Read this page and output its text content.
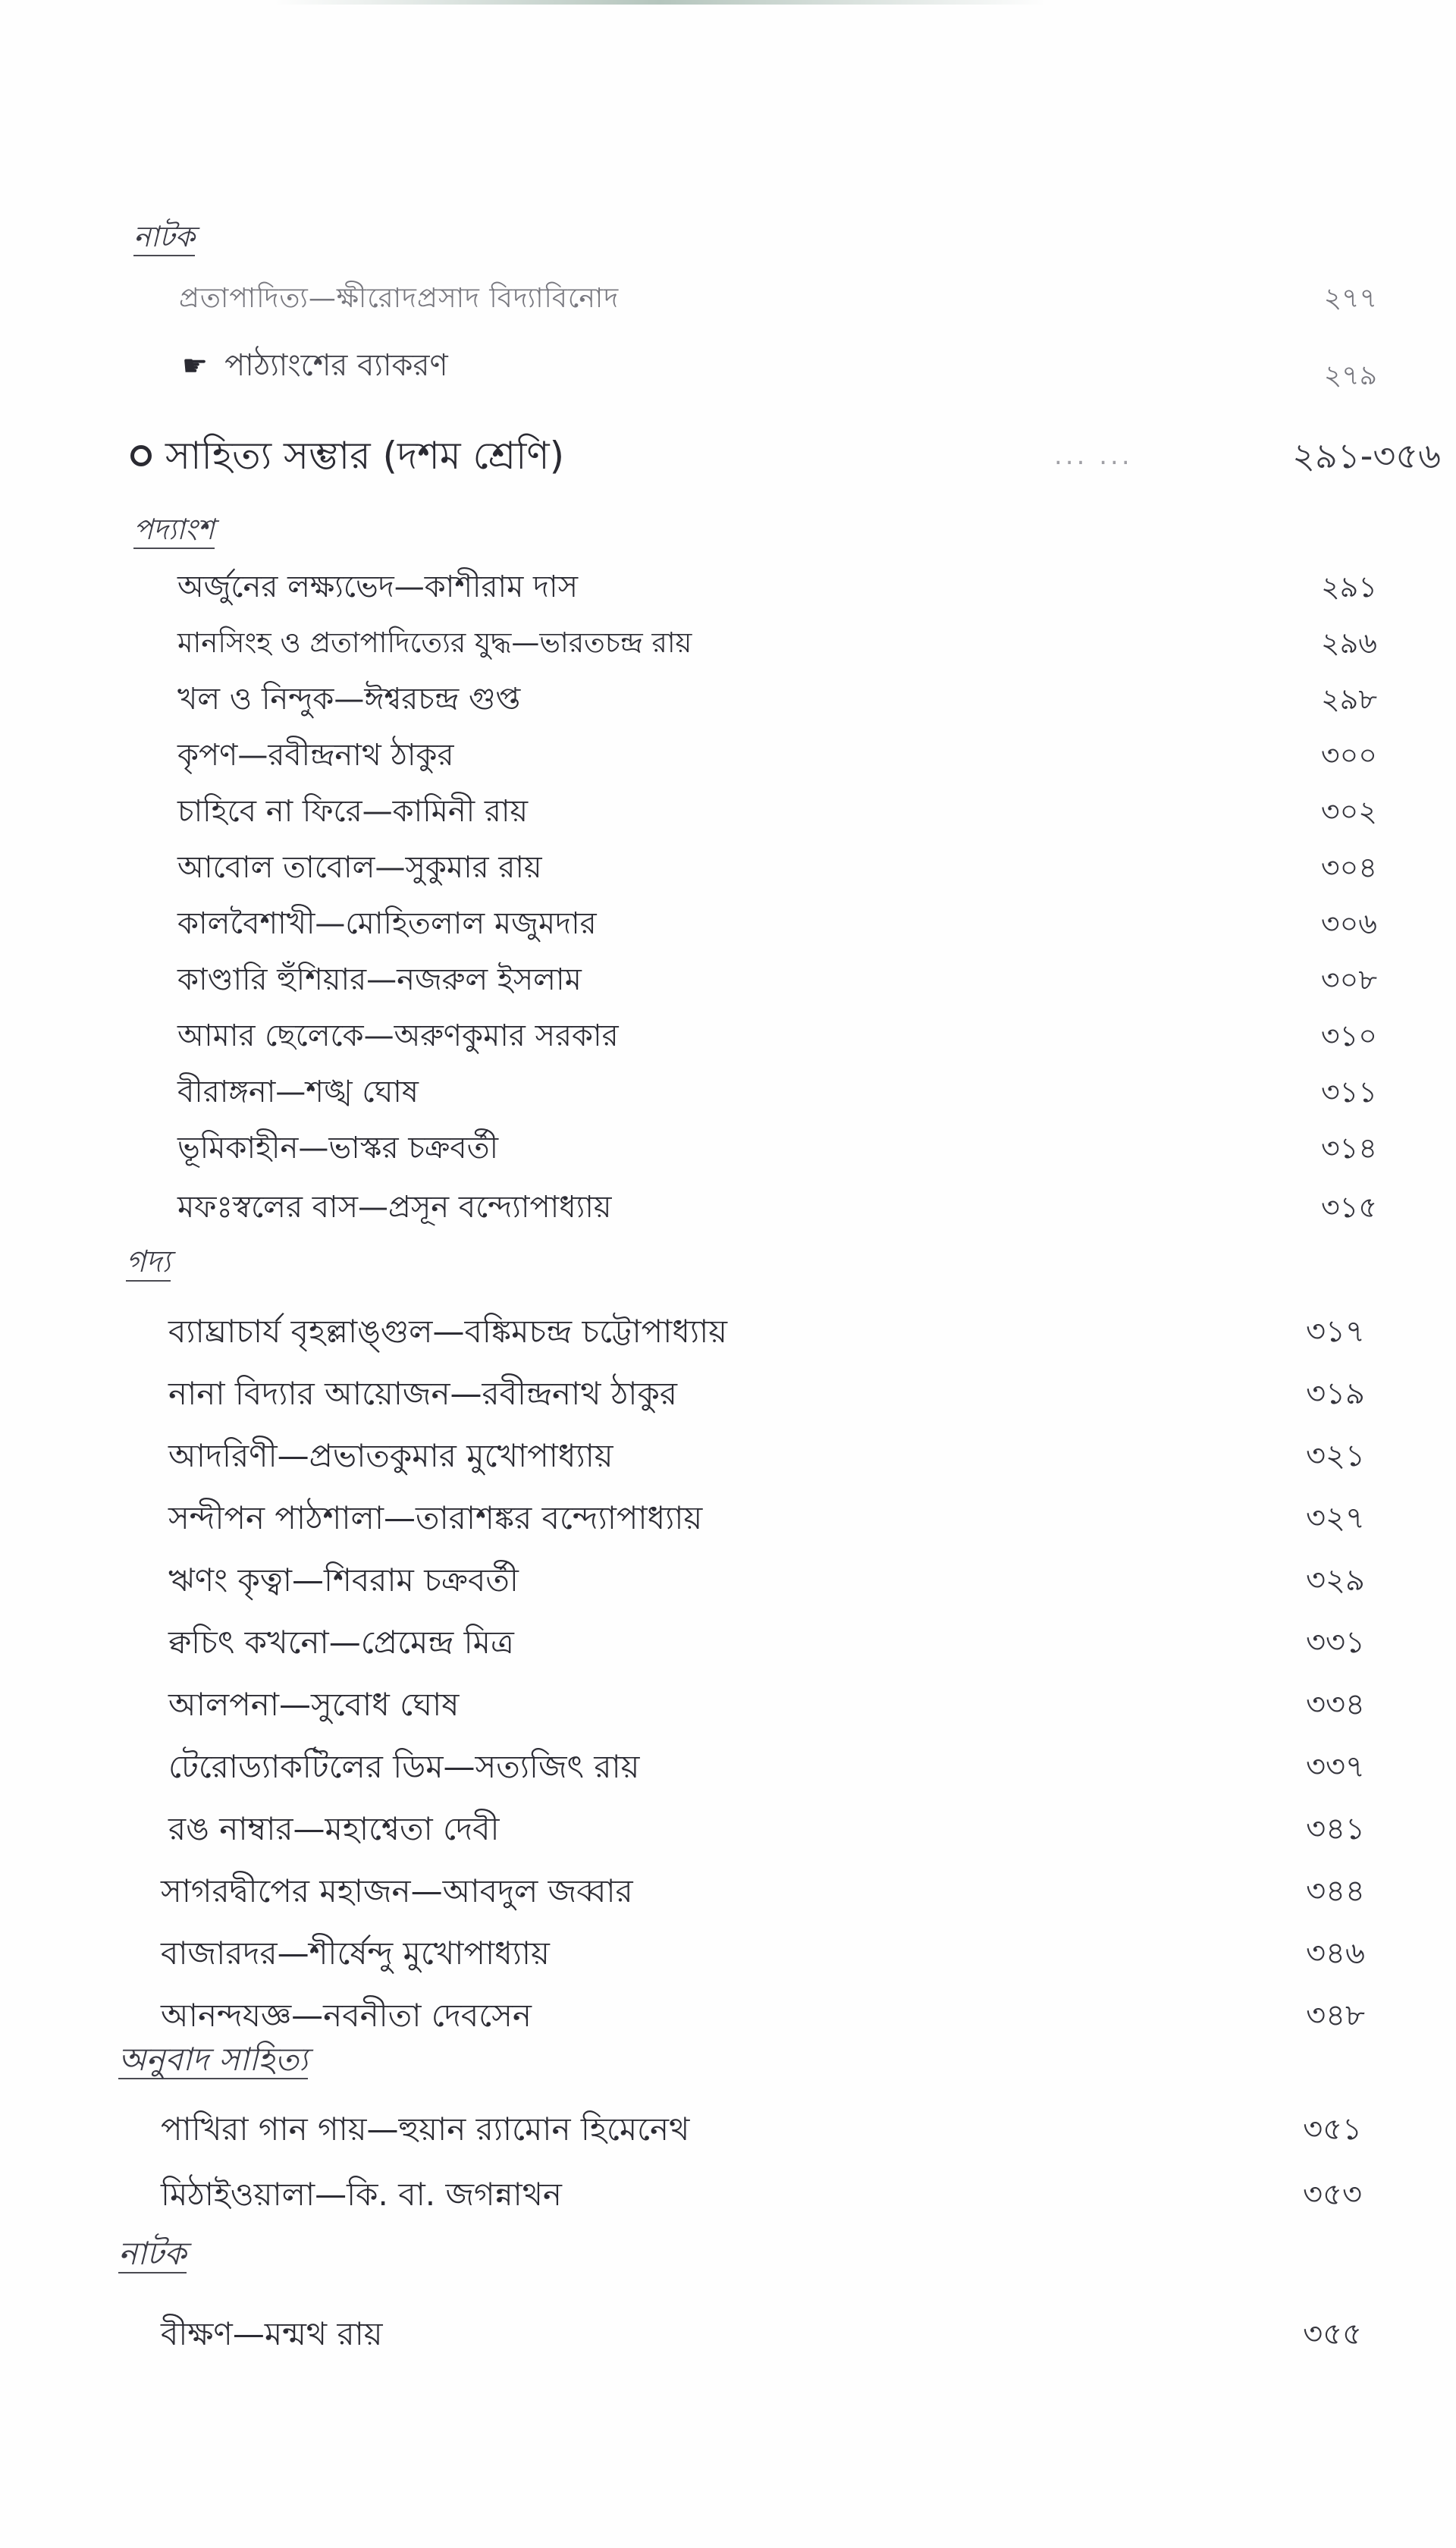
নাটক
প্রতাপাদিত্য—ক্ষীরোদপ্রসাদ বিদ্যাবিনোদ	২৭৭
☛ পাঠ্যাংশের ব্যাকরণ	২৭৯
সাহিত্য সম্ভার (দশম শ্রেণি)	... ...	২৯১-৩৫৬
পদ্যাংশ
অর্জুনের লক্ষ্যভেদ—কাশীরাম দাস	২৯১
মানসিংহ ও প্রতাপাদিত্যের যুদ্ধ—ভারতচন্দ্র রায়	২৯৬
খল ও নিন্দুক—ঈশ্বরচন্দ্র গুপ্ত	২৯৮
কৃপণ—রবীন্দ্রনাথ ঠাকুর	৩০০
চাহিবে না ফিরে—কামিনী রায়	৩০২
আবোল তাবোল—সুকুমার রায়	৩০৪
কালবৈশাখী—মোহিতলাল মজুমদার	৩০৬
কাণ্ডারি হুঁশিয়ার—নজরুল ইসলাম	৩০৮
আমার ছেলেকে—অরুণকুমার সরকার	৩১০
বীরাঙ্গনা—শঙ্খ ঘোষ	৩১১
ভূমিকাহীন—ভাস্কর চক্রবর্তী	৩১৪
মফঃস্বলের বাস—প্রসূন বন্দ্যোপাধ্যায়	৩১৫
গদ্য
ব্যাঘ্রাচার্য বৃহল্লাঙ্গুল—বঙ্কিমচন্দ্র চট্টোপাধ্যায়	৩১৭
নানা বিদ্যার আয়োজন—রবীন্দ্রনাথ ঠাকুর	৩১৯
আদরিণী—প্রভাতকুমার মুখোপাধ্যায়	৩২১
সন্দীপন পাঠশালা—তারাশঙ্কর বন্দ্যোপাধ্যায়	৩২৭
ঋণং কৃত্বা—শিবরাম চক্রবর্তী	৩২৯
ক্বচিৎ কখনো—প্রেমেন্দ্র মিত্র	৩৩১
আলপনা—সুবোধ ঘোষ	৩৩৪
টেরোড্যাকটিলের ডিম—সত্যজিৎ রায়	৩৩৭
রঙ নাম্বার—মহাশ্বেতা দেবী	৩৪১
সাগরদ্বীপের মহাজন—আবদুল জব্বার	৩৪৪
বাজারদর—শীর্ষেন্দু মুখোপাধ্যায়	৩৪৬
আনন্দযজ্ঞ—নবনীতা দেবসেন	৩৪৮
অনুবাদ সাহিত্য
পাখিরা গান গায়—হুয়ান র‍্যামোন হিমেনেথ	৩৫১
মিঠাইওয়ালা—কি. বা. জগন্নাথন	৩৫৩
নাটক
বীক্ষণ—মন্মথ রায়	৩৫৫
